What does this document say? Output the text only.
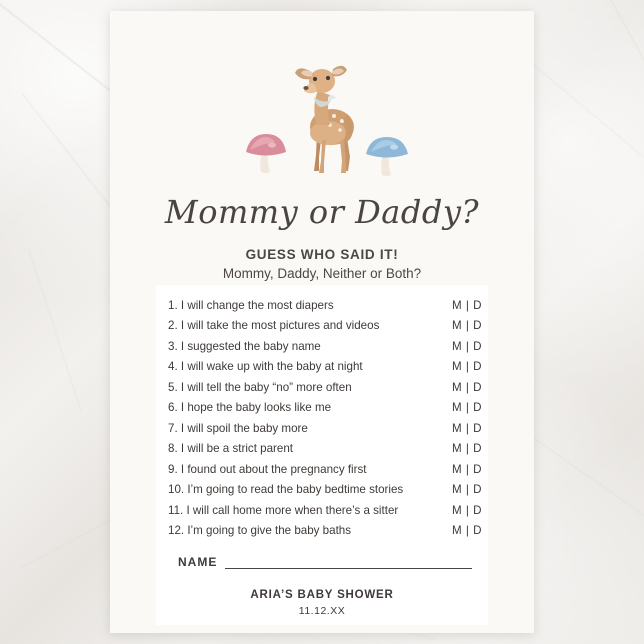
Mommy or Daddy?
GUESS WHO SAID IT!
Mommy, Daddy, Neither or Both?
1. I will change the most diapers	M | D
2. I will take the most pictures and videos	M | D
3. I suggested the baby name	M | D
4. I will wake up with the baby at night	M | D
5. I will tell the baby “no” more often	M | D
6. I hope the baby looks like me	M | D
7. I will spoil the baby more	M | D
8. I will be a strict parent	M | D
9. I found out about the pregnancy first	M | D
10. I’m going to read the baby bedtime stories	M | D
11. I will call home more when there’s a sitter	M | D
12. I’m going to give the baby baths	M | D
NAME
ARIA’S BABY SHOWER
11.12.XX
